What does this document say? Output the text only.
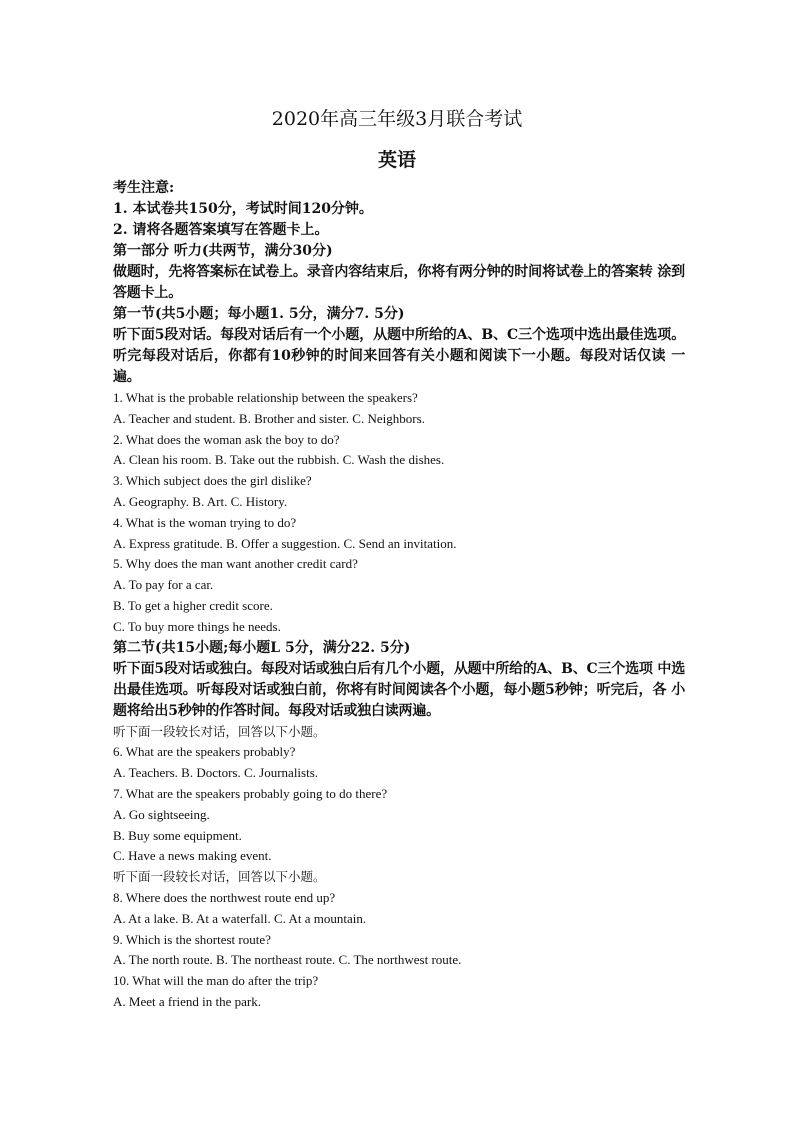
2020年高三年级3月联合考试
英语
考生注意:
1. 本试卷共150分，考试时间120分钟。
2. 请将各题答案填写在答题卡上。
第一部分 听力(共两节，满分30分)
做题时，先将答案标在试卷上。录音内容结束后，你将有两分钟的时间将试卷上的答案转 涂到答题卡上。
第一节(共5小题；每小题1. 5分，满分7. 5分)
听下面5段对话。每段对话后有一个小题，从题中所给的A、B、C三个选项中选出最佳选项。听完每段对话后，你都有10秒钟的时间来回答有关小题和阅读下一小题。每段对话仅读 一遍。
1. What is the probable relationship between the speakers?
A. Teacher and student. B. Brother and sister. C. Neighbors.
2. What does the woman ask the boy to do?
A. Clean his room. B. Take out the rubbish. C. Wash the dishes.
3. Which subject does the girl dislike?
A. Geography. B. Art. C. History.
4. What is the woman trying to do?
A. Express gratitude. B. Offer a suggestion. C. Send an invitation.
5. Why does the man want another credit card?
A. To pay for a car.
B. To get a higher credit score.
C. To buy more things he needs.
第二节(共15小题;每小题L 5分，满分22. 5分)
听下面5段对话或独白。每段对话或独白后有几个小题，从题中所给的A、B、C三个选项 中选出最佳选项。听每段对话或独白前，你将有时间阅读各个小题，每小题5秒钟；听完后，各 小题将给出5秒钟的作答时间。每段对话或独白读两遍。
听下面一段较长对话，回答以下小题。
6. What are the speakers probably?
A. Teachers. B. Doctors. C. Journalists.
7. What are the speakers probably going to do there?
A. Go sightseeing.
B. Buy some equipment.
C. Have a news making event.
听下面一段较长对话，回答以下小题。
8. Where does the northwest route end up?
A. At a lake. B. At a waterfall. C. At a mountain.
9. Which is the shortest route?
A. The north route. B. The northeast route. C. The northwest route.
10. What will the man do after the trip?
A. Meet a friend in the park.
